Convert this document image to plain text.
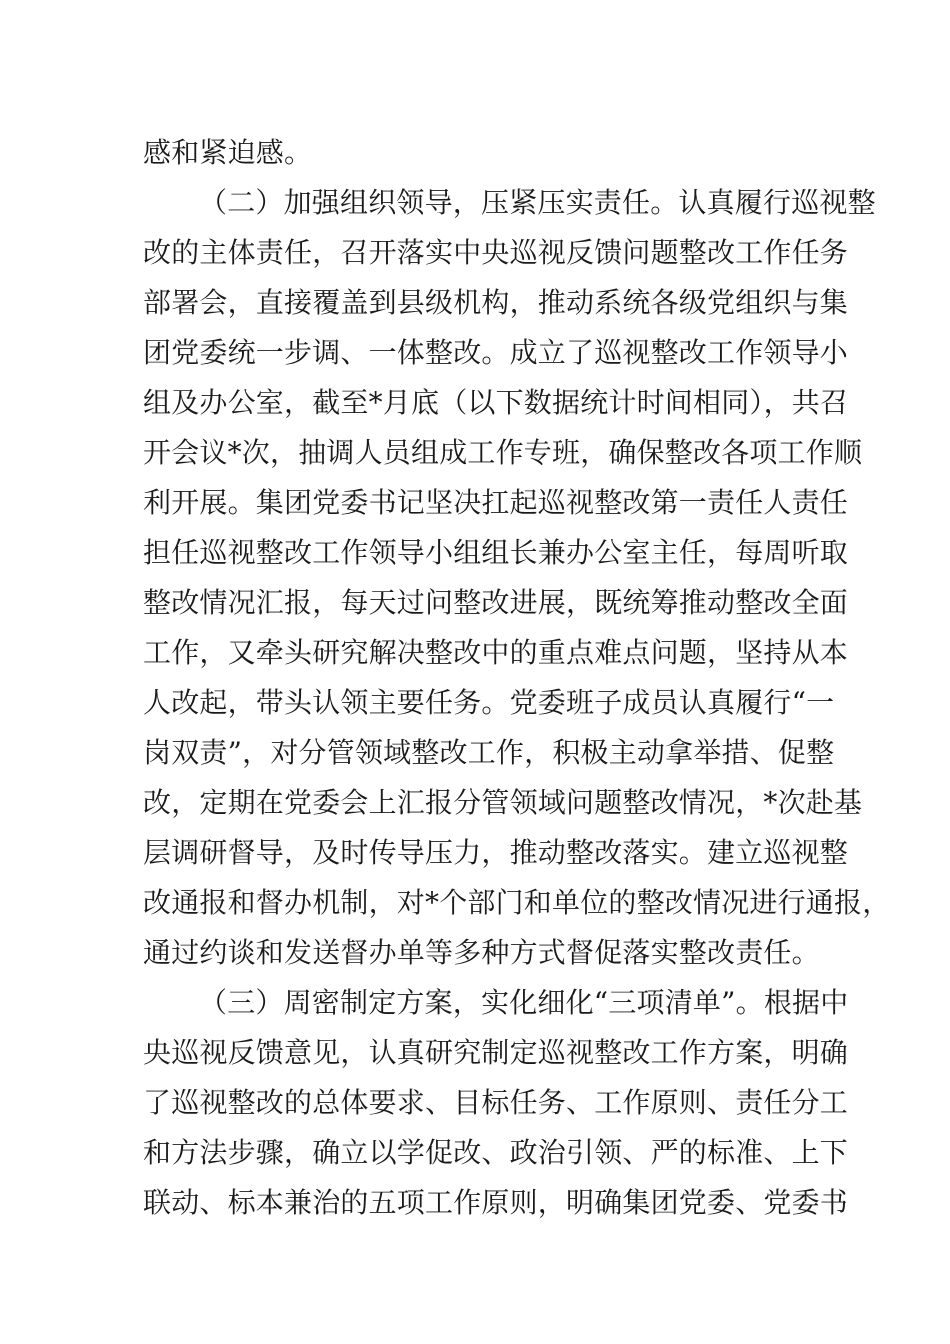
感和紧迫感。
（二）加强组织领导，压紧压实责任。认真履行巡视整
改的主体责任，召开落实中央巡视反馈问题整改工作任务
部署会，直接覆盖到县级机构，推动系统各级党组织与集
团党委统一步调、一体整改。成立了巡视整改工作领导小
组及办公室，截至*月底（以下数据统计时间相同），共召
开会议*次，抽调人员组成工作专班，确保整改各项工作顺
利开展。集团党委书记坚决扛起巡视整改第一责任人责任
担任巡视整改工作领导小组组长兼办公室主任，每周听取
整改情况汇报，每天过问整改进展，既统筹推动整改全面
工作，又牵头研究解决整改中的重点难点问题，坚持从本
人改起，带头认领主要任务。党委班子成员认真履行“一
岗双责”，对分管领域整改工作，积极主动拿举措、促整
改，定期在党委会上汇报分管领域问题整改情况，*次赴基
层调研督导，及时传导压力，推动整改落实。建立巡视整
改通报和督办机制，对*个部门和单位的整改情况进行通报，
通过约谈和发送督办单等多种方式督促落实整改责任。
（三）周密制定方案，实化细化“三项清单”。根据中
央巡视反馈意见，认真研究制定巡视整改工作方案，明确
了巡视整改的总体要求、目标任务、工作原则、责任分工
和方法步骤，确立以学促改、政治引领、严的标准、上下
联动、标本兼治的五项工作原则，明确集团党委、党委书
